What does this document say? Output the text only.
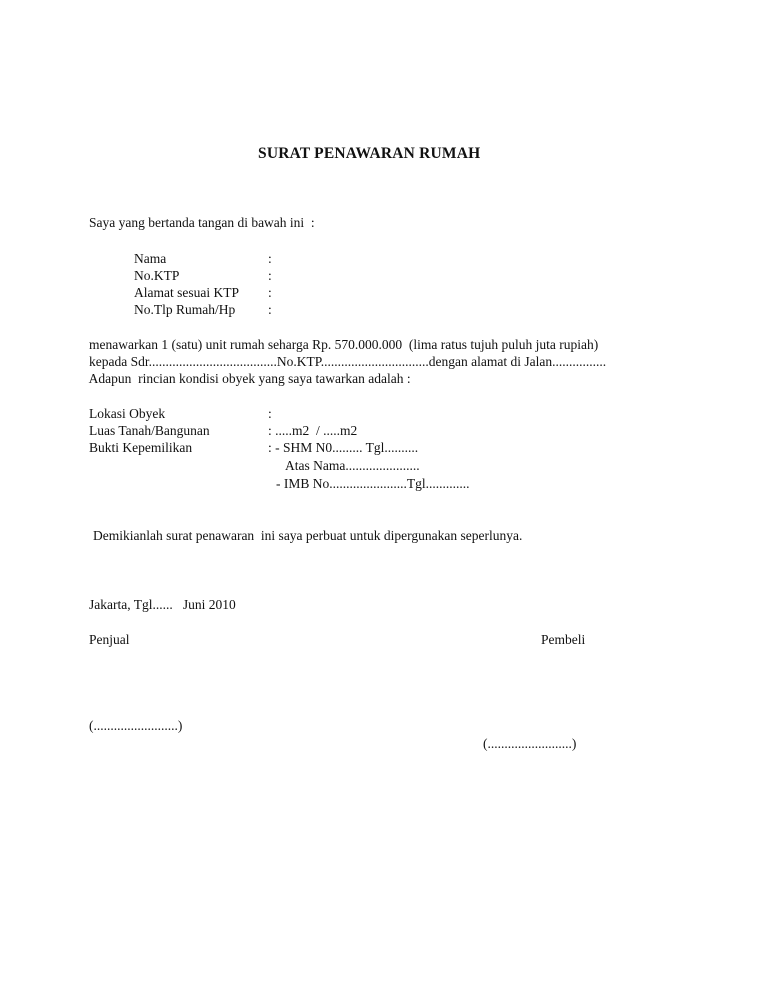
SURAT PENAWARAN RUMAH
Saya yang bertanda tangan di bawah ini  :
Nama	:
No.KTP	:
Alamat sesuai KTP :
No.Tlp Rumah/Hp :
menawarkan 1 (satu) unit rumah seharga Rp. 570.000.000  (lima ratus tujuh puluh juta rupiah)
kepada Sdr......................................No.KTP................................dengan alamat di Jalan................
Adapun  rincian kondisi obyek yang saya tawarkan adalah :
Lokasi Obyek	:
Luas Tanah/Bangunan	: .....m2  / .....m2
Bukti Kepemilikan	: - SHM N0......... Tgl..........
Atas Nama......................
- IMB No.......................Tgl.............
Demikianlah surat penawaran  ini saya perbuat untuk dipergunakan seperlunya.
Jakarta, Tgl......   Juni 2010
Penjual	Pembeli
(.........................)
(.........................)
